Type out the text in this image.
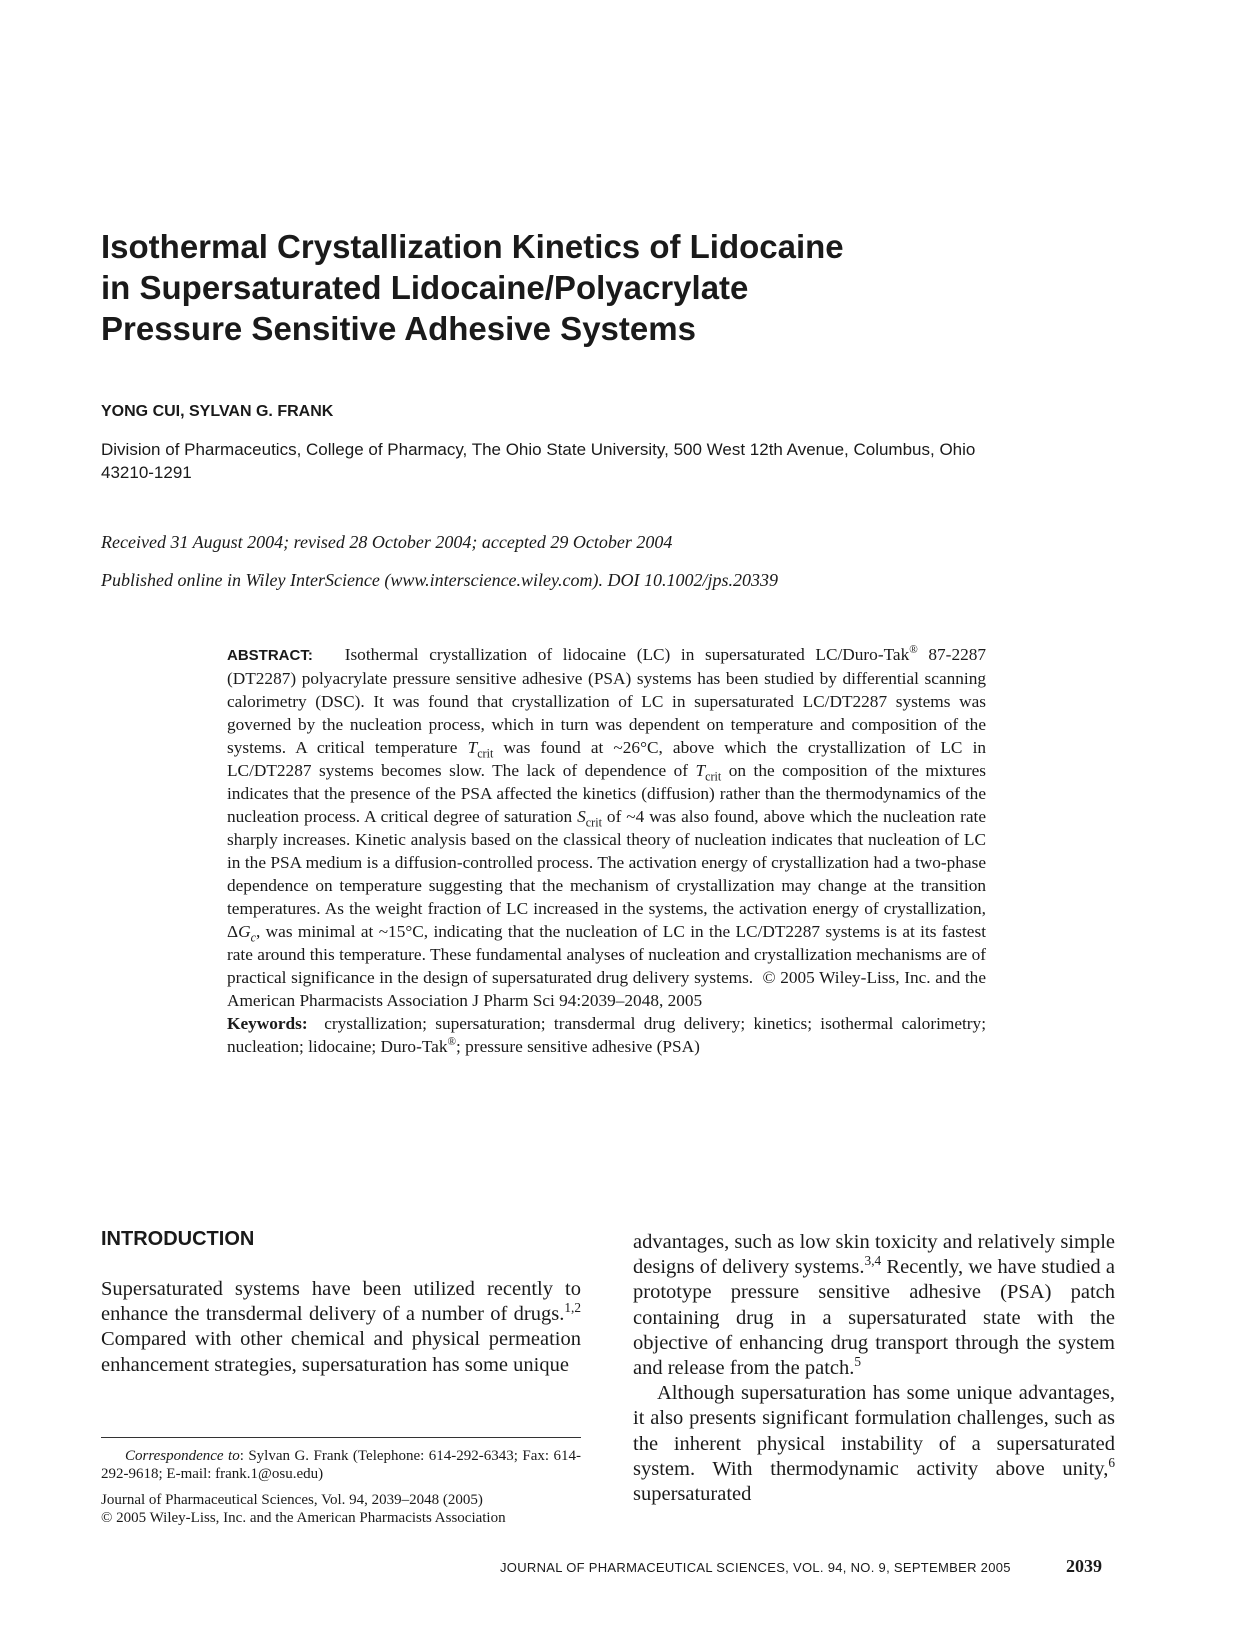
Isothermal Crystallization Kinetics of Lidocaine
in Supersaturated Lidocaine/Polyacrylate
Pressure Sensitive Adhesive Systems

YONG CUI, SYLVAN G. FRANK

Division of Pharmaceutics, College of Pharmacy, The Ohio State University, 500 West 12th Avenue, Columbus, Ohio 43210-1291

Received 31 August 2004; revised 28 October 2004; accepted 29 October 2004

Published online in Wiley InterScience (www.interscience.wiley.com). DOI 10.1002/jps.20339

ABSTRACT: Isothermal crystallization of lidocaine (LC) in supersaturated LC/Duro-Tak® 87-2287 (DT2287) polyacrylate pressure sensitive adhesive (PSA) systems has been studied by differential scanning calorimetry (DSC). It was found that crystallization of LC in supersaturated LC/DT2287 systems was governed by the nucleation process, which in turn was dependent on temperature and composition of the systems. A critical temperature $T_{crit}$ was found at ~26°C, above which the crystallization of LC in LC/DT2287 systems becomes slow. The lack of dependence of $T_{crit}$ on the composition of the mixtures indicates that the presence of the PSA affected the kinetics (diffusion) rather than the thermodynamics of the nucleation process. A critical degree of saturation $S_{crit}$ of ~4 was also found, above which the nucleation rate sharply increases. Kinetic analysis based on the classical theory of nucleation indicates that nucleation of LC in the PSA medium is a diffusion-controlled process. The activation energy of crystallization had a two-phase dependence on temperature suggesting that the mechanism of crystallization may change at the transition temperatures. As the weight fraction of LC increased in the systems, the activation energy of crystallization, $\Delta G_c$, was minimal at ~15°C, indicating that the nucleation of LC in the LC/DT2287 systems is at its fastest rate around this temperature. These fundamental analyses of nucleation and crystallization mechanisms are of practical significance in the design of supersaturated drug delivery systems. © 2005 Wiley-Liss, Inc. and the American Pharmacists Association J Pharm Sci 94:2039–2048, 2005

Keywords: crystallization; supersaturation; transdermal drug delivery; kinetics; isothermal calorimetry; nucleation; lidocaine; Duro-Tak®; pressure sensitive adhesive (PSA)

INTRODUCTION

Supersaturated systems have been utilized recently to enhance the transdermal delivery of a number of drugs.$^{1,2}$ Compared with other chemical and physical permeation enhancement strategies, supersaturation has some unique

Correspondence to: Sylvan G. Frank (Telephone: 614-292-6343; Fax: 614-292-9618; E-mail: frank.1@osu.edu)

Journal of Pharmaceutical Sciences, Vol. 94, 2039–2048 (2005)

© 2005 Wiley-Liss, Inc. and the American Pharmacists Association

advantages, such as low skin toxicity and relatively simple designs of delivery systems.$^{3,4}$ Recently, we have studied a prototype pressure sensitive adhesive (PSA) patch containing drug in a supersaturated state with the objective of enhancing drug transport through the system and release from the patch.$^5$

Although supersaturation has some unique advantages, it also presents significant formulation challenges, such as the inherent physical instability of a supersaturated system. With thermodynamic activity above unity,$^6$ supersaturated

JOURNAL OF PHARMACEUTICAL SCIENCES, VOL. 94, NO. 9, SEPTEMBER 2005	2039
